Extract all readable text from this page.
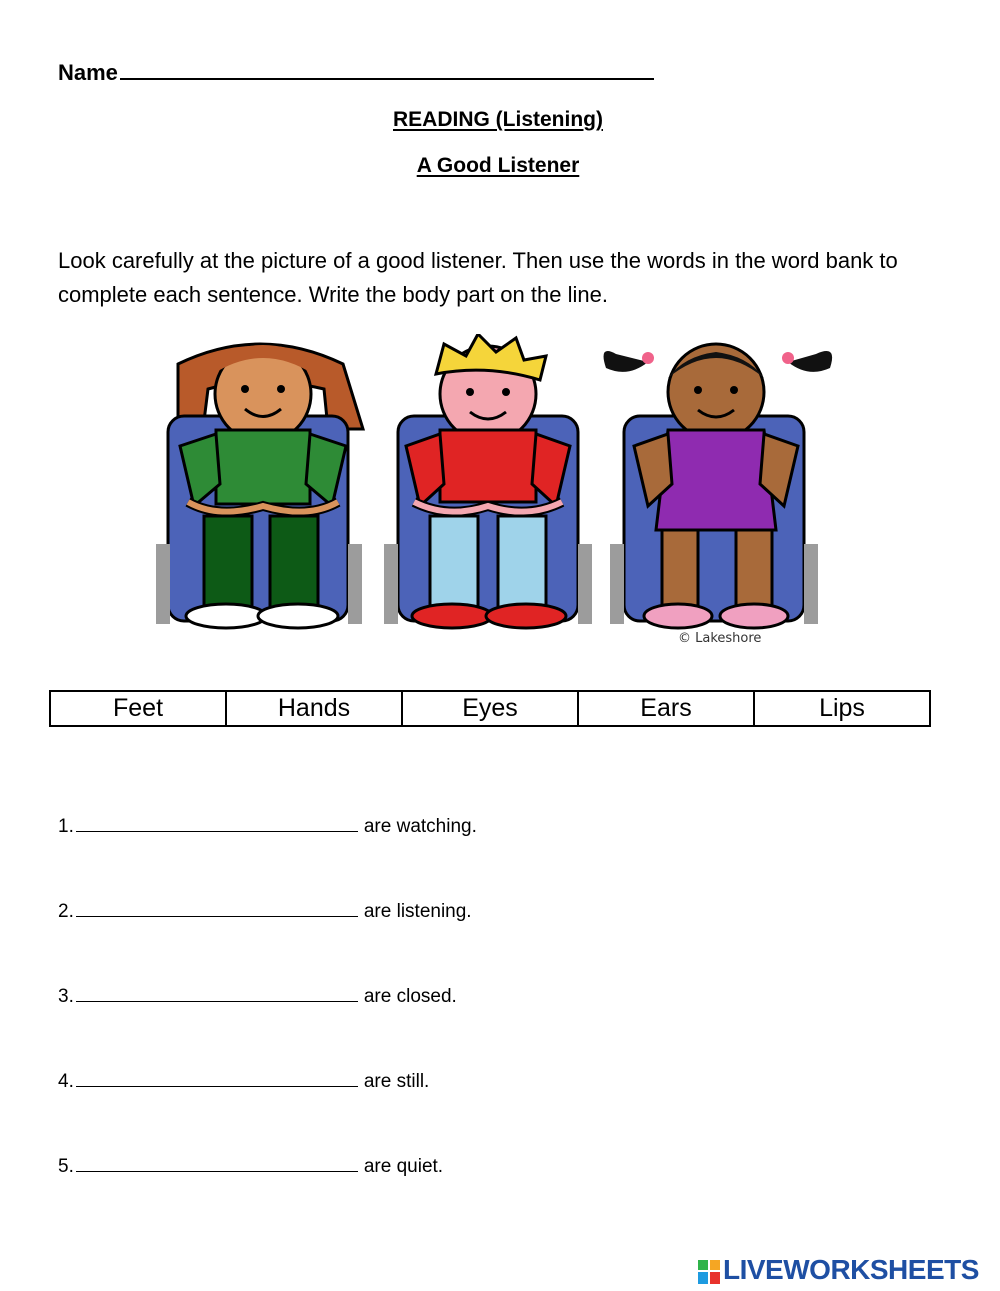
Name
READING (Listening)
A Good Listener
Look carefully at the picture of a good listener. Then use the words in the word bank to complete each sentence. Write the body part on the line.
© Lakeshore
Feet	Hands	Eyes	Ears	Lips
1.	are watching.
2.	are listening.
3.	are closed.
4.	are still.
5.	are quiet.
LIVEWORKSHEETS
